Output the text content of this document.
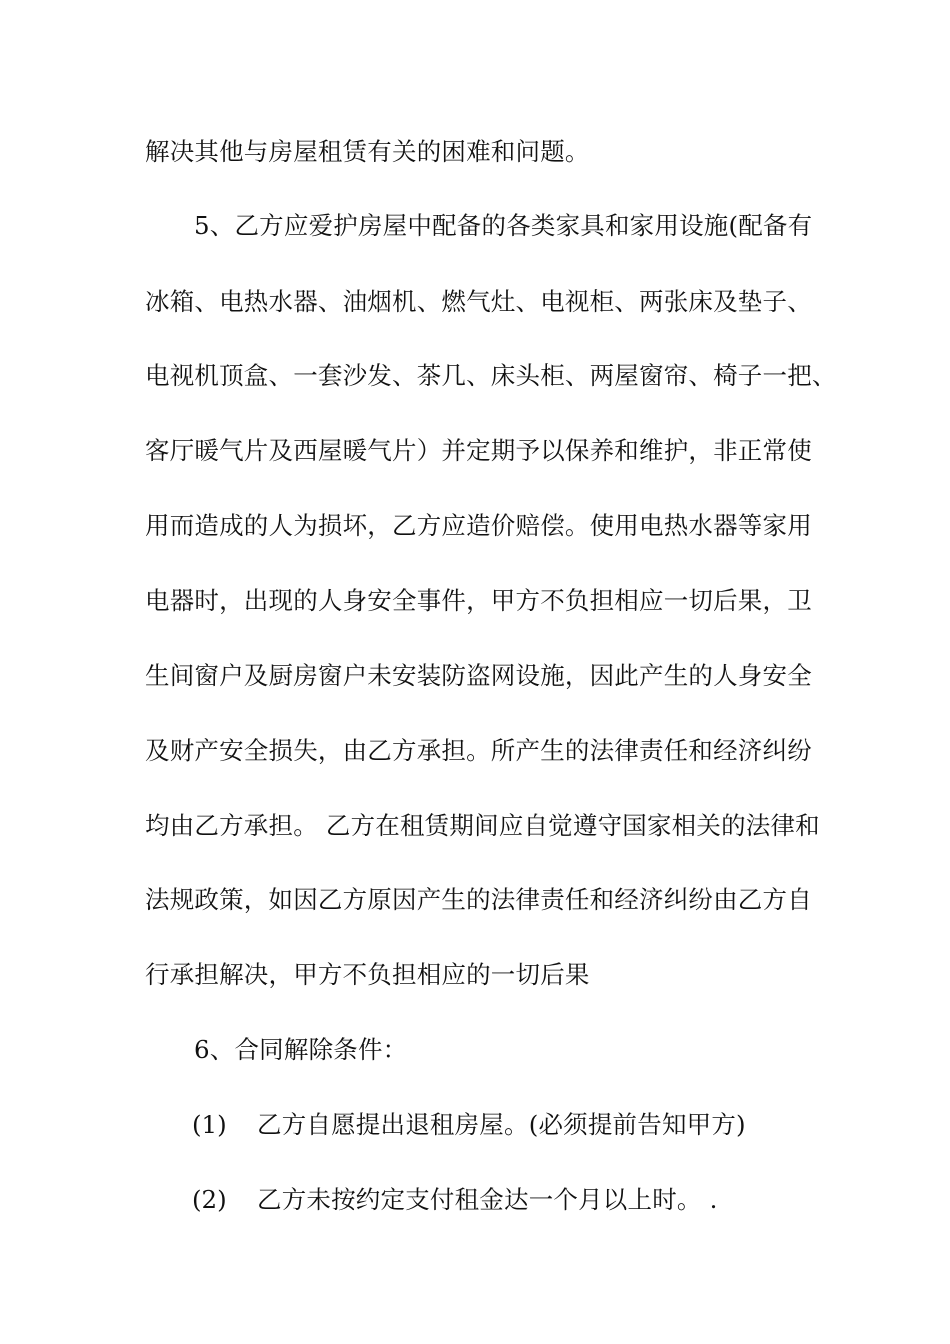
解决其他与房屋租赁有关的困难和问题。
5、乙方应爱护房屋中配备的各类家具和家用设施(配备有
冰箱、电热水器、油烟机、燃气灶、电视柜、两张床及垫子、
电视机顶盒、一套沙发、茶几、床头柜、两屋窗帘、椅子一把、
客厅暖气片及西屋暖气片）并定期予以保养和维护，非正常使
用而造成的人为损坏，乙方应造价赔偿。使用电热水器等家用
电器时，出现的人身安全事件，甲方不负担相应一切后果，卫
生间窗户及厨房窗户未安装防盗网设施，因此产生的人身安全
及财产安全损失，由乙方承担。所产生的法律责任和经济纠纷
均由乙方承担。 乙方在租赁期间应自觉遵守国家相关的法律和
法规政策，如因乙方原因产生的法律责任和经济纠纷由乙方自
行承担解决，甲方不负担相应的一切后果
6、合同解除条件：
(1) 乙方自愿提出退租房屋。(必须提前告知甲方)
(2) 乙方未按约定支付租金达一个月以上时。 .
